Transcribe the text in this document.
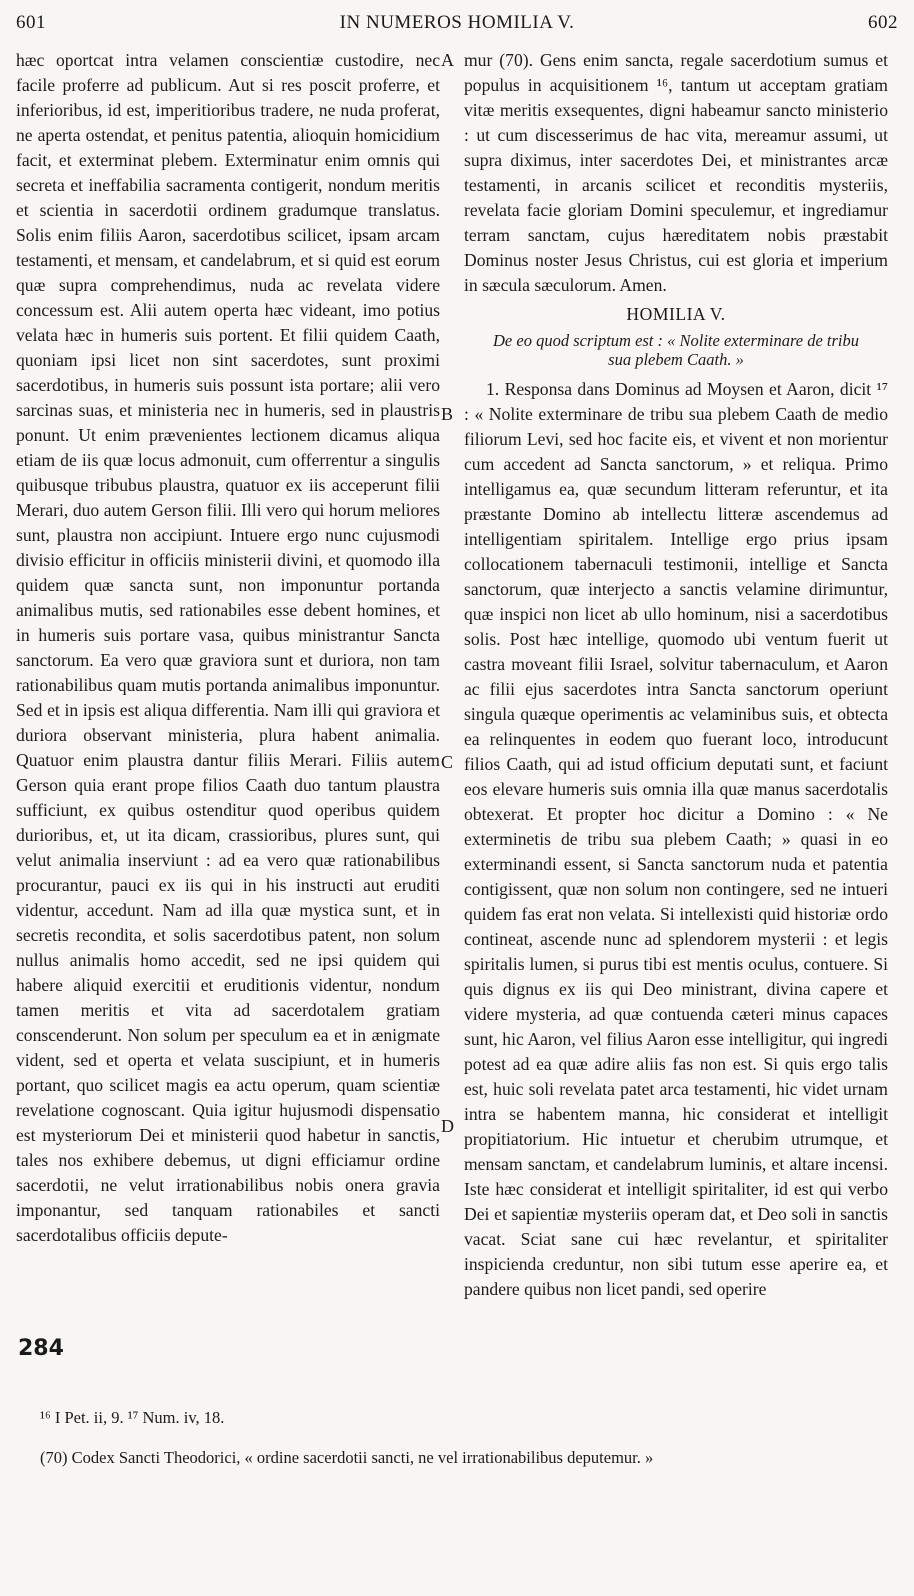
601	IN NUMEROS HOMILIA V.	602

hæc oportcat intra velamen conscientiæ custodire, nec facile proferre ad publicum. Aut si res poscit proferre, et inferioribus, id est, imperitioribus tradere, ne nuda proferat, ne aperta ostendat, et penitus patentia, alioquin homicidium facit, et exterminat plebem. Exterminatur enim omnis qui secreta et ineffabilia sacramenta contigerit, nondum meritis et scientia in sacerdotii ordinem gradumque translatus. Solis enim filiis Aaron, sacerdotibus scilicet, ipsam arcam testamenti, et mensam, et candelabrum, et si quid est eorum quæ supra comprehendimus, nuda ac revelata videre concessum est. Alii autem operta hæc videant, imo potius velata hæc in humeris suis portent. Et filii quidem Caath, quoniam ipsi licet non sint sacerdotes, sunt proximi sacerdotibus, in humeris suis possunt ista portare; alii vero sarcinas suas, et ministeria nec in humeris, sed in plaustris ponunt. Ut enim prævenientes lectionem dicamus aliqua etiam de iis quæ locus admonuit, cum offerrentur a singulis quibusque tribubus plaustra, quatuor ex iis acceperunt filii Merari, duo autem Gerson filii. Illi vero qui horum meliores sunt, plaustra non accipiunt. Intuere ergo nunc cujusmodi divisio efficitur in officiis ministerii divini, et quomodo illa quidem quæ sancta sunt, non imponuntur portanda animalibus mutis, sed rationabiles esse debent homines, et in humeris suis portare vasa, quibus ministrantur Sancta sanctorum. Ea vero quæ graviora sunt et duriora, non tam rationabilibus quam mutis portanda animalibus imponuntur. Sed et in ipsis est aliqua differentia. Nam illi qui graviora et duriora observant ministeria, plura habent animalia. Quatuor enim plaustra dantur filiis Merari. Filiis autem Gerson quia erant prope filios Caath duo tantum plaustra sufficiunt, ex quibus ostenditur quod operibus quidem durioribus, et, ut ita dicam, crassioribus, plures sunt, qui velut animalia inserviunt : ad ea vero quæ rationabilibus procurantur, pauci ex iis qui in his instructi aut eruditi videntur, accedunt. Nam ad illa quæ mystica sunt, et in secretis recondita, et solis sacerdotibus patent, non solum nullus animalis homo accedit, sed ne ipsi quidem qui habere aliquid exercitii et eruditionis videntur, nondum tamen meritis et vita ad sacerdotalem gratiam conscenderunt. Non solum per speculum ea et in ænigmate vident, sed et operta et velata suscipiunt, et in humeris portant, quo scilicet magis ea actu operum, quam scientiæ revelatione cognoscant. Quia igitur hujusmodi dispensatio est mysteriorum Dei et ministerii quod habetur in sanctis, tales nos exhibere debemus, ut digni efficiamur ordine sacerdotii, ne velut irrationabilibus nobis onera gravia imponantur, sed tanquam rationabiles et sancti sacerdotalibus officiis depute-

A
B
C
D

mur (70). Gens enim sancta, regale sacerdotium sumus et populus in acquisitionem ¹⁶, tantum ut acceptam gratiam vitæ meritis exsequentes, digni habeamur sancto ministerio : ut cum discesserimus de hac vita, mereamur assumi, ut supra diximus, inter sacerdotes Dei, et ministrantes arcæ testamenti, in arcanis scilicet et reconditis mysteriis, revelata facie gloriam Domini speculemur, et ingrediamur terram sanctam, cujus hæreditatem nobis præstabit Dominus noster Jesus Christus, cui est gloria et imperium in sæcula sæculorum. Amen.

HOMILIA V.
De eo quod scriptum est : « Nolite exterminare de tribu sua plebem Caath. »

1. Responsa dans Dominus ad Moysen et Aaron, dicit ¹⁷ : « Nolite exterminare de tribu sua plebem Caath de medio filiorum Levi, sed hoc facite eis, et vivent et non morientur cum accedent ad Sancta sanctorum, » et reliqua. Primo intelligamus ea, quæ secundum litteram referuntur, et ita præstante Domino ab intellectu litteræ ascendemus ad intelligentiam spiritalem. Intellige ergo prius ipsam collocationem tabernaculi testimonii, intellige et Sancta sanctorum, quæ interjecto a sanctis velamine dirimuntur, quæ inspici non licet ab ullo hominum, nisi a sacerdotibus solis. Post hæc intellige, quomodo ubi ventum fuerit ut castra moveant filii Israel, solvitur tabernaculum, et Aaron ac filii ejus sacerdotes intra Sancta sanctorum operiunt singula quæque operimentis ac velaminibus suis, et obtecta ea relinquentes in eodem quo fuerant loco, introducunt filios Caath, qui ad istud officium deputati sunt, et faciunt eos elevare humeris suis omnia illa quæ manus sacerdotalis obtexerat. Et propter hoc dicitur a Domino : « Ne exterminetis de tribu sua plebem Caath; » quasi in eo exterminandi essent, si Sancta sanctorum nuda et patentia contigissent, quæ non solum non contingere, sed ne intueri quidem fas erat non velata. Si intellexisti quid historiæ ordo contineat, ascende nunc ad splendorem mysterii : et legis spiritalis lumen, si purus tibi est mentis oculus, contuere. Si quis dignus ex iis qui Deo ministrant, divina capere et videre mysteria, ad quæ contuenda cæteri minus capaces sunt, hic Aaron, vel filius Aaron esse intelligitur, qui ingredi potest ad ea quæ adire aliis fas non est. Si quis ergo talis est, huic soli revelata patet arca testamenti, hic videt urnam intra se habentem manna, hic considerat et intelligit propitiatorium. Hic intuetur et cherubim utrumque, et mensam sanctam, et candelabrum luminis, et altare incensi. Iste hæc considerat et intelligit spiritaliter, id est qui verbo Dei et sapientiæ mysteriis operam dat, et Deo soli in sanctis vacat. Sciat sane cui hæc revelantur, et spiritaliter inspicienda creduntur, non sibi tutum esse aperire ea, et pandere quibus non licet pandi, sed operire

284
¹⁶ I Pet. ii, 9. ¹⁷ Num. iv, 18.
(70) Codex Sancti Theodorici, « ordine sacerdotii sancti, ne vel irrationabilibus deputemur. »
